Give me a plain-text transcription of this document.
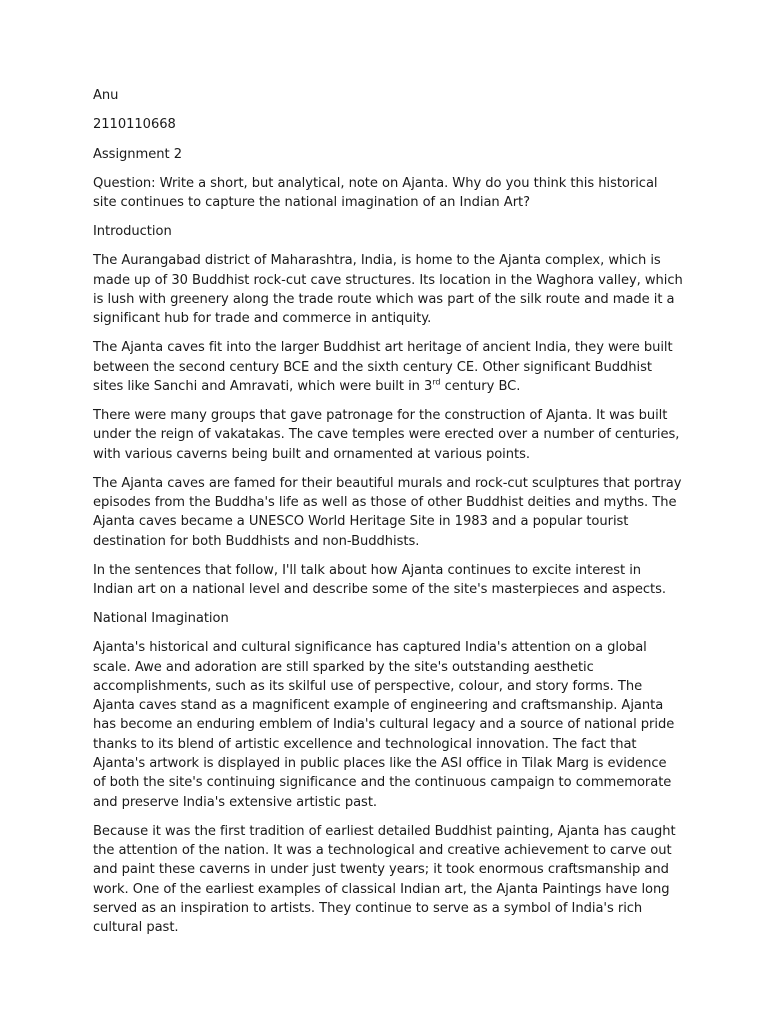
Anu

2110110668

Assignment 2

Question: Write a short, but analytical, note on Ajanta. Why do you think this historical site continues to capture the national imagination of an Indian Art?

Introduction

The Aurangabad district of Maharashtra, India, is home to the Ajanta complex, which is made up of 30 Buddhist rock-cut cave structures. Its location in the Waghora valley, which is lush with greenery along the trade route which was part of the silk route and made it a significant hub for trade and commerce in antiquity.

The Ajanta caves fit into the larger Buddhist art heritage of ancient India, they were built between the second century BCE and the sixth century CE. Other significant Buddhist sites like Sanchi and Amravati, which were built in 3rd century BC.

There were many groups that gave patronage for the construction of Ajanta. It was built under the reign of vakatakas. The cave temples were erected over a number of centuries, with various caverns being built and ornamented at various points.

The Ajanta caves are famed for their beautiful murals and rock-cut sculptures that portray episodes from the Buddha's life as well as those of other Buddhist deities and myths. The Ajanta caves became a UNESCO World Heritage Site in 1983 and a popular tourist destination for both Buddhists and non-Buddhists.

In the sentences that follow, I'll talk about how Ajanta continues to excite interest in Indian art on a national level and describe some of the site's masterpieces and aspects.

National Imagination

Ajanta's historical and cultural significance has captured India's attention on a global scale. Awe and adoration are still sparked by the site's outstanding aesthetic accomplishments, such as its skilful use of perspective, colour, and story forms. The Ajanta caves stand as a magnificent example of engineering and craftsmanship. Ajanta has become an enduring emblem of India's cultural legacy and a source of national pride thanks to its blend of artistic excellence and technological innovation. The fact that Ajanta's artwork is displayed in public places like the ASI office in Tilak Marg is evidence of both the site's continuing significance and the continuous campaign to commemorate and preserve India's extensive artistic past.

Because it was the first tradition of earliest detailed Buddhist painting, Ajanta has caught the attention of the nation. It was a technological and creative achievement to carve out and paint these caverns in under just twenty years; it took enormous craftsmanship and work. One of the earliest examples of classical Indian art, the Ajanta Paintings have long served as an inspiration to artists. They continue to serve as a symbol of India's rich cultural past.
